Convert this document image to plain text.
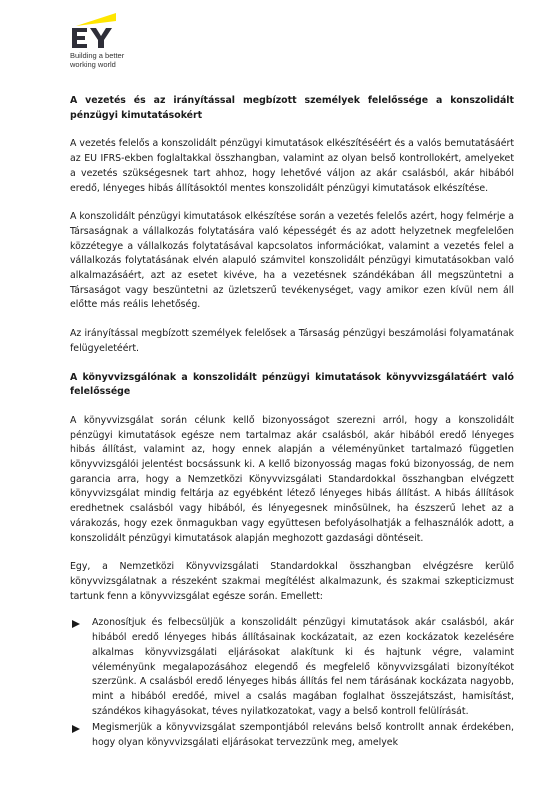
Building a better
working world

A vezetés és az irányítással megbízott személyek felelőssége a konszolidált pénzügyi kimutatásokért

A vezetés felelős a konszolidált pénzügyi kimutatások elkészítéséért és a valós bemutatásáért az EU IFRS-ekben foglaltakkal összhangban, valamint az olyan belső kontrollokért, amelyeket a vezetés szükségesnek tart ahhoz, hogy lehetővé váljon az akár csalásból, akár hibából eredő, lényeges hibás állításoktól mentes konszolidált pénzügyi kimutatások elkészítése.

A konszolidált pénzügyi kimutatások elkészítése során a vezetés felelős azért, hogy felmérje a Társaságnak a vállalkozás folytatására való képességét és az adott helyzetnek megfelelően közzétegye a vállalkozás folytatásával kapcsolatos információkat, valamint a vezetés felel a vállalkozás folytatásának elvén alapuló számvitel konszolidált pénzügyi kimutatásokban való alkalmazásáért, azt az esetet kivéve, ha a vezetésnek szándékában áll megszüntetni a Társaságot vagy beszüntetni az üzletszerű tevékenységet, vagy amikor ezen kívül nem áll előtte más reális lehetőség.

Az irányítással megbízott személyek felelősek a Társaság pénzügyi beszámolási folyamatának felügyeletéért.

A könyvvizsgálónak a konszolidált pénzügyi kimutatások könyvvizsgálatáért való felelőssége

A könyvvizsgálat során célunk kellő bizonyosságot szerezni arról, hogy a konszolidált pénzügyi kimutatások egésze nem tartalmaz akár csalásból, akár hibából eredő lényeges hibás állítást, valamint az, hogy ennek alapján a véleményünket tartalmazó független könyvvizsgálói jelentést bocsássunk ki. A kellő bizonyosság magas fokú bizonyosság, de nem garancia arra, hogy a Nemzetközi Könyvvizsgálati Standardokkal összhangban elvégzett könyvvizsgálat mindig feltárja az egyébként létező lényeges hibás állítást. A hibás állítások eredhetnek csalásból vagy hibából, és lényegesnek minősülnek, ha észszerű lehet az a várakozás, hogy ezek önmagukban vagy együttesen befolyásolhatják a felhasználók adott, a konszolidált pénzügyi kimutatások alapján meghozott gazdasági döntéseit.

Egy, a Nemzetközi Könyvvizsgálati Standardokkal összhangban elvégzésre kerülő könyvvizsgálatnak a részeként szakmai megítélést alkalmazunk, és szakmai szkepticizmust tartunk fenn a könyvvizsgálat egésze során. Emellett:

Azonosítjuk és felbecsüljük a konszolidált pénzügyi kimutatások akár csalásból, akár hibából eredő lényeges hibás állításainak kockázatait, az ezen kockázatok kezelésére alkalmas könyvvizsgálati eljárásokat alakítunk ki és hajtunk végre, valamint véleményünk megalapozásához elegendő és megfelelő könyvvizsgálati bizonyítékot szerzünk. A csalásból eredő lényeges hibás állítás fel nem tárásának kockázata nagyobb, mint a hibából eredőé, mivel a csalás magában foglalhat összejátszást, hamisítást, szándékos kihagyásokat, téves nyilatkozatokat, vagy a belső kontroll felülírását.
Megismerjük a könyvvizsgálat szempontjából releváns belső kontrollt annak érdekében, hogy olyan könyvvizsgálati eljárásokat tervezzünk meg, amelyek
